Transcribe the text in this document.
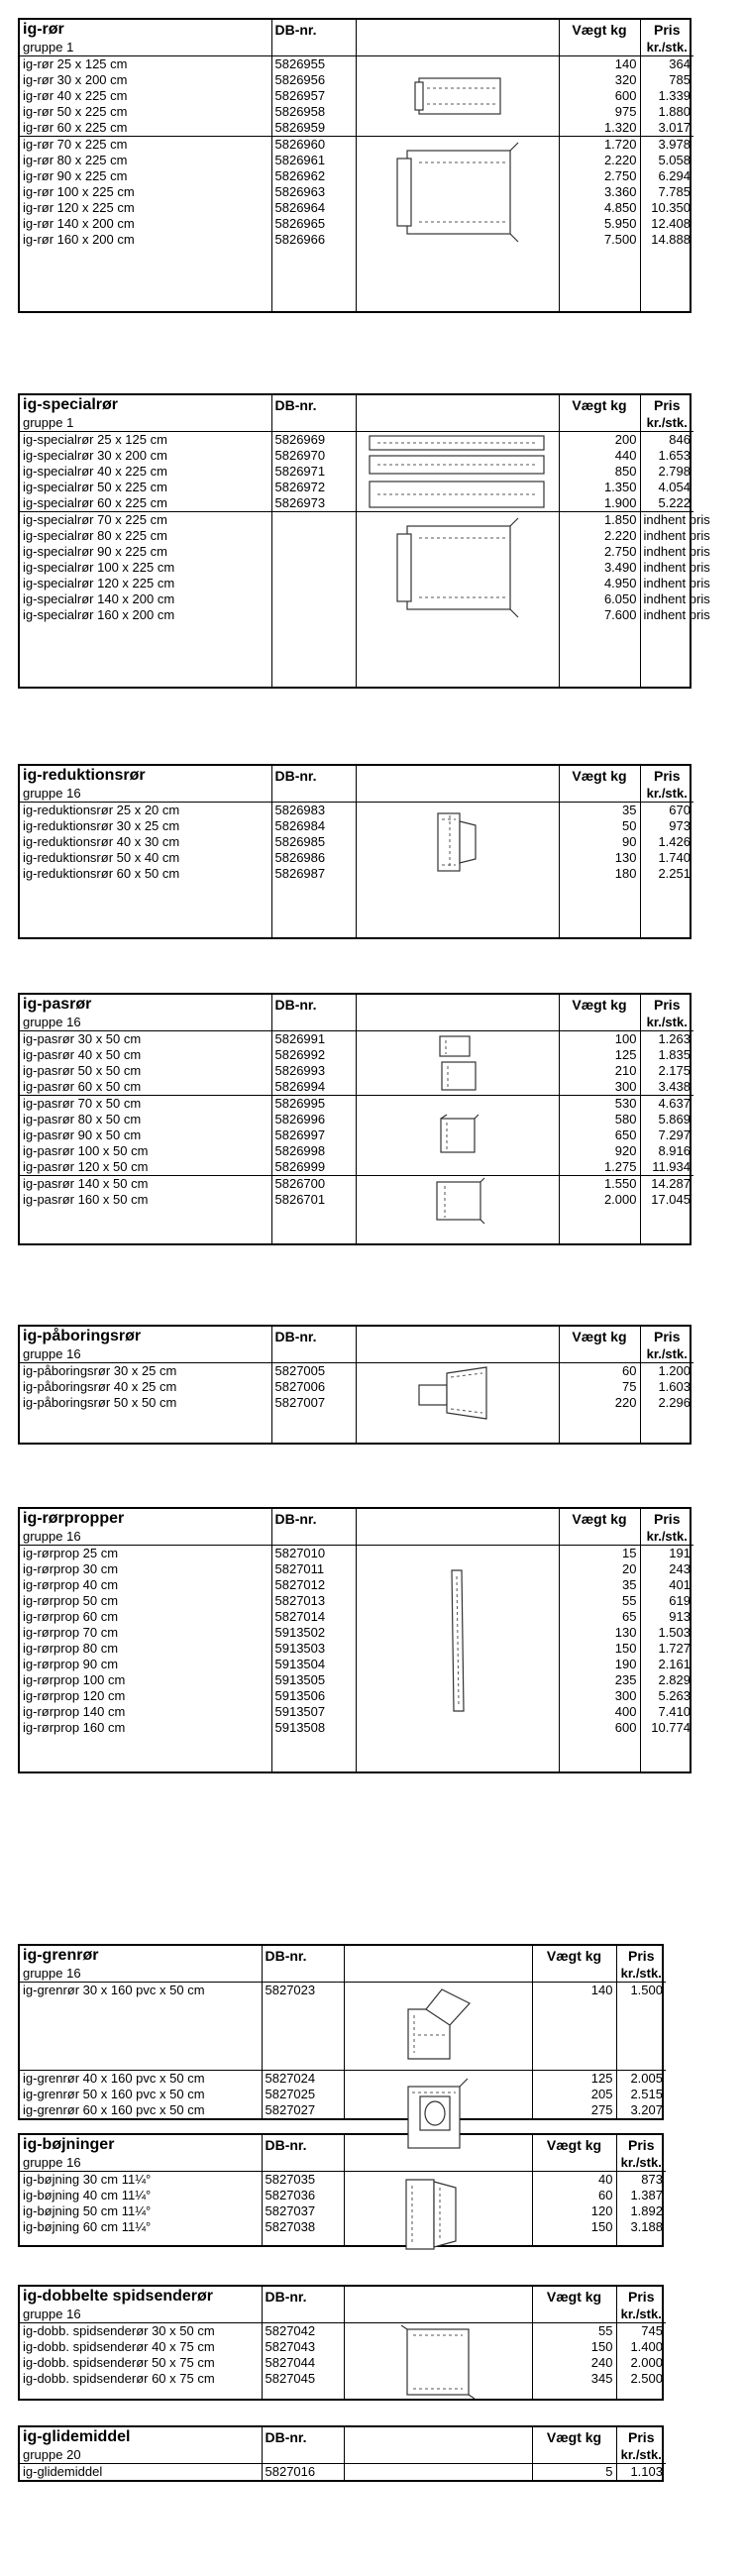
ig-rør	DB-nr.		Vægt kg	Pris
gruppe 1				kr./stk.
ig-rør 25 x 125 cm	5826955		140	364
ig-rør 30 x 200 cm	5826956		320	785
ig-rør 40 x 225 cm	5826957		600	1.339
ig-rør 50 x 225 cm	5826958		975	1.880
ig-rør 60 x 225 cm	5826959		1.320	3.017
ig-rør 70 x 225 cm	5826960		1.720	3.978
ig-rør 80 x 225 cm	5826961		2.220	5.058
ig-rør 90 x 225 cm	5826962		2.750	6.294
ig-rør 100 x 225 cm	5826963		3.360	7.785
ig-rør 120 x 225 cm	5826964		4.850	10.350
ig-rør 140 x 200 cm	5826965		5.950	12.408
ig-rør 160 x 200 cm	5826966		7.500	14.888

ig-specialrør	DB-nr.		Vægt kg	Pris
gruppe 1				kr./stk.
ig-specialrør 25 x 125 cm	5826969		200	846
ig-specialrør 30 x 200 cm	5826970		440	1.653
ig-specialrør 40 x 225 cm	5826971		850	2.798
ig-specialrør 50 x 225 cm	5826972		1.350	4.054
ig-specialrør 60 x 225 cm	5826973		1.900	5.222
ig-specialrør 70 x 225 cm			1.850	indhent pris
ig-specialrør 80 x 225 cm			2.220	indhent pris
ig-specialrør 90 x 225 cm			2.750	indhent pris
ig-specialrør 100 x 225 cm			3.490	indhent pris
ig-specialrør 120 x 225 cm			4.950	indhent pris
ig-specialrør 140 x 200 cm			6.050	indhent pris
ig-specialrør 160 x 200 cm			7.600	indhent pris

ig-reduktionsrør	DB-nr.		Vægt kg	Pris
gruppe 16				kr./stk.
ig-reduktionsrør 25 x 20 cm	5826983		35	670
ig-reduktionsrør 30 x 25 cm	5826984		50	973
ig-reduktionsrør 40 x 30 cm	5826985		90	1.426
ig-reduktionsrør 50 x 40 cm	5826986		130	1.740
ig-reduktionsrør 60 x 50 cm	5826987		180	2.251

ig-pasrør	DB-nr.		Vægt kg	Pris
gruppe 16				kr./stk.
ig-pasrør 30 x 50 cm	5826991		100	1.263
ig-pasrør 40 x 50 cm	5826992		125	1.835
ig-pasrør 50 x 50 cm	5826993		210	2.175
ig-pasrør 60 x 50 cm	5826994		300	3.438
ig-pasrør 70 x 50 cm	5826995		530	4.637
ig-pasrør 80 x 50 cm	5826996		580	5.869
ig-pasrør 90 x 50 cm	5826997		650	7.297
ig-pasrør 100 x 50 cm	5826998		920	8.916
ig-pasrør 120 x 50 cm	5826999		1.275	11.934
ig-pasrør 140 x 50 cm	5826700		1.550	14.287
ig-pasrør 160 x 50 cm	5826701		2.000	17.045

ig-påboringsrør	DB-nr.		Vægt kg	Pris
gruppe 16				kr./stk.
ig-påboringsrør 30 x 25 cm	5827005		60	1.200
ig-påboringsrør 40 x 25 cm	5827006		75	1.603
ig-påboringsrør 50 x 50 cm	5827007		220	2.296

ig-rørpropper	DB-nr.		Vægt kg	Pris
gruppe 16				kr./stk.
ig-rørprop 25 cm	5827010		15	191
ig-rørprop 30 cm	5827011		20	243
ig-rørprop 40 cm	5827012		35	401
ig-rørprop 50 cm	5827013		55	619
ig-rørprop 60 cm	5827014		65	913
ig-rørprop 70 cm	5913502		130	1.503
ig-rørprop 80 cm	5913503		150	1.727
ig-rørprop 90 cm	5913504		190	2.161
ig-rørprop 100 cm	5913505		235	2.829
ig-rørprop 120 cm	5913506		300	5.263
ig-rørprop 140 cm	5913507		400	7.410
ig-rørprop 160 cm	5913508		600	10.774

ig-grenrør	DB-nr.		Vægt kg	Pris
gruppe 16				kr./stk.
ig-grenrør 30 x 160 pvc x 50 cm	5827023		140	1.500

ig-grenrør 40 x 160 pvc x 50 cm	5827024		125	2.005
ig-grenrør 50 x 160 pvc x 50 cm	5827025		205	2.515
ig-grenrør 60 x 160 pvc x 50 cm	5827027		275	3.207
ig-bøjninger	DB-nr.		Vægt kg	Pris
gruppe 16				kr./stk.
ig-bøjning 30 cm 11¼°	5827035		40	873
ig-bøjning 40 cm 11¼°	5827036		60	1.387
ig-bøjning 50 cm 11¼°	5827037		120	1.892
ig-bøjning 60 cm 11¼°	5827038		150	3.188

ig-dobbelte spidsenderør	DB-nr.		Vægt kg	Pris
gruppe 16				kr./stk.
ig-dobb. spidsenderør 30 x 50 cm	5827042		55	745
ig-dobb. spidsenderør 40 x 75 cm	5827043		150	1.400
ig-dobb. spidsenderør 50 x 75 cm	5827044		240	2.000
ig-dobb. spidsenderør 60 x 75 cm	5827045		345	2.500

ig-glidemiddel	DB-nr.		Vægt kg	Pris
gruppe 20				kr./stk.
ig-glidemiddel	5827016		5	1.103
